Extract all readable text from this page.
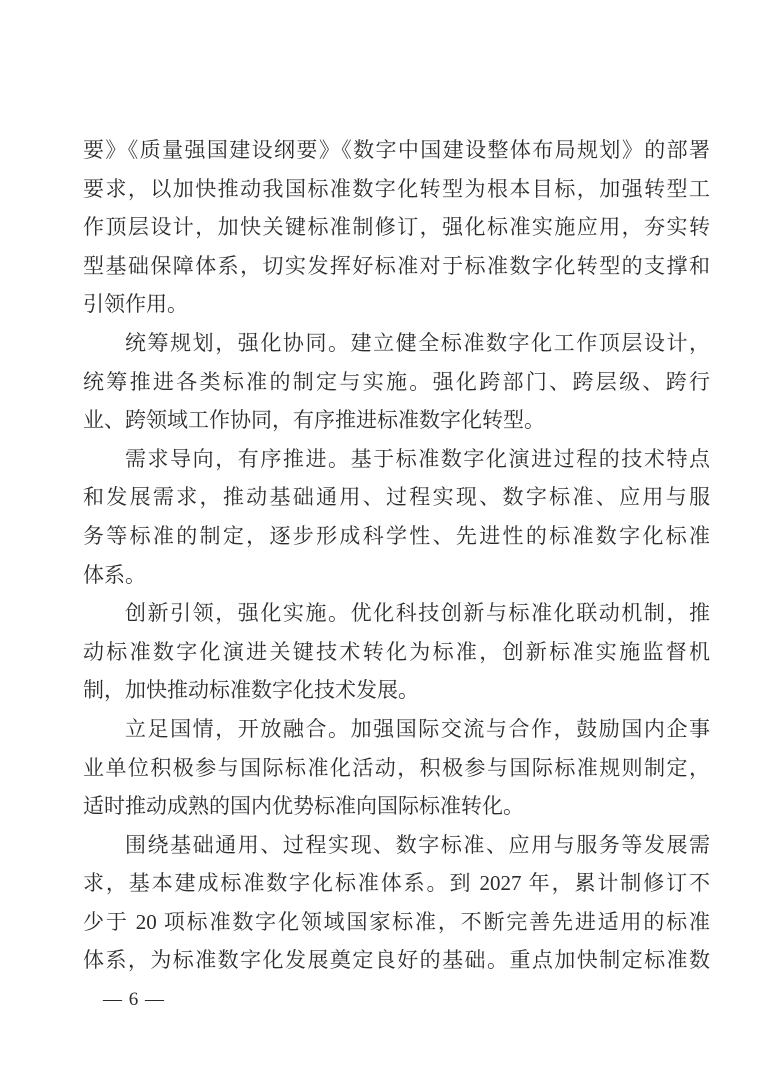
要》《质量强国建设纲要》《数字中国建设整体布局规划》的部署
要求，以加快推动我国标准数字化转型为根本目标，加强转型工
作顶层设计，加快关键标准制修订，强化标准实施应用，夯实转
型基础保障体系，切实发挥好标准对于标准数字化转型的支撑和
引领作用。
统筹规划，强化协同。建立健全标准数字化工作顶层设计，
统筹推进各类标准的制定与实施。强化跨部门、跨层级、跨行
业、跨领域工作协同，有序推进标准数字化转型。
需求导向，有序推进。基于标准数字化演进过程的技术特点
和发展需求，推动基础通用、过程实现、数字标准、应用与服
务等标准的制定，逐步形成科学性、先进性的标准数字化标准
体系。
创新引领，强化实施。优化科技创新与标准化联动机制，推
动标准数字化演进关键技术转化为标准，创新标准实施监督机
制，加快推动标准数字化技术发展。
立足国情，开放融合。加强国际交流与合作，鼓励国内企事
业单位积极参与国际标准化活动，积极参与国际标准规则制定，
适时推动成熟的国内优势标准向国际标准转化。
围绕基础通用、过程实现、数字标准、应用与服务等发展需
求，基本建成标准数字化标准体系。到 2027 年，累计制修订不
少于 20 项标准数字化领域国家标准，不断完善先进适用的标准
体系，为标准数字化发展奠定良好的基础。重点加快制定标准数
— 6 —
